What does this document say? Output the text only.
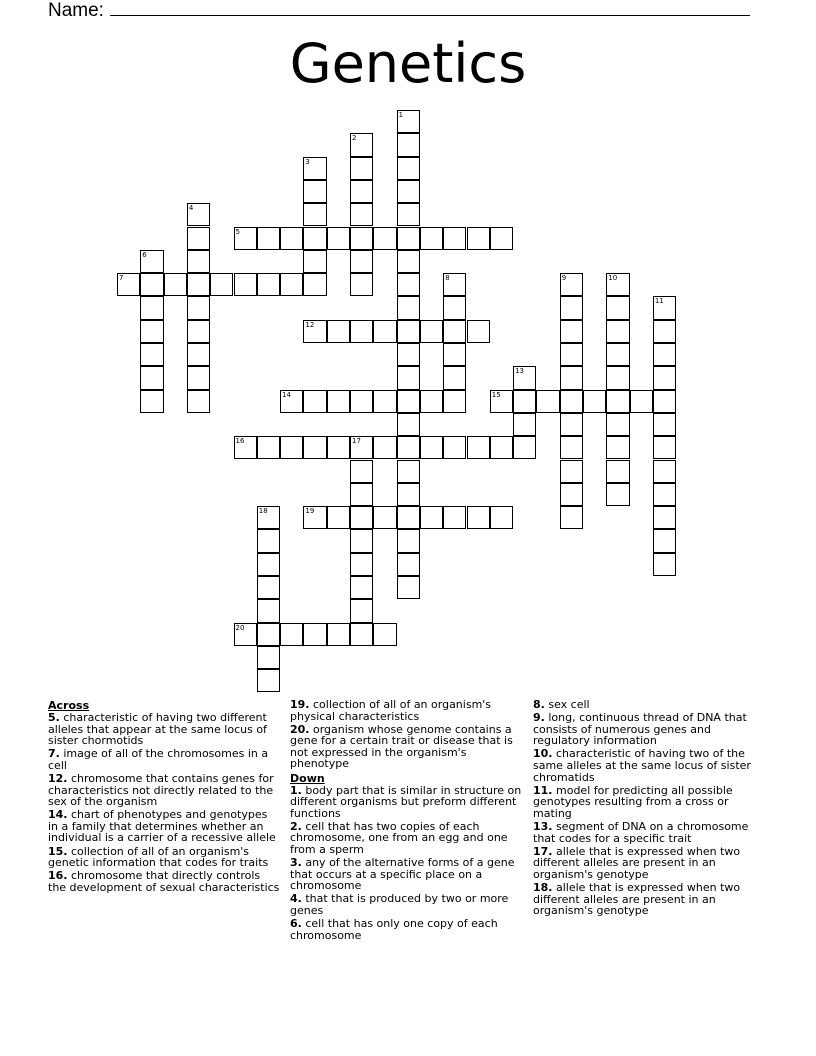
Name:
Genetics
1
2
3
4
5
6
7	8	9	10
11
12
13
14	15
16	17
18	19
20
Across
5. characteristic of having two different alleles that appear at the same locus of sister chormotids
7. image of all of the chromosomes in a cell
12. chromosome that contains genes for characteristics not directly related to the sex of the organism
14. chart of phenotypes and genotypes in a family that determines whether an individual is a carrier of a recessive allele
15. collection of all of an organism's genetic information that codes for traits
16. chromosome that directly controls the development of sexual characteristics
19. collection of all of an organism's physical characteristics
20. organism whose genome contains a gene for a certain trait or disease that is not expressed in the organism's phenotype
Down
1. body part that is similar in structure on different organisms but preform different functions
2. cell that has two copies of each chromosome, one from an egg and one from a sperm
3. any of the alternative forms of a gene that occurs at a specific place on a chromosome
4. that that is produced by two or more genes
6. cell that has only one copy of each chromosome
8. sex cell
9. long, continuous thread of DNA that consists of numerous genes and regulatory information
10. characteristic of having two of the same alleles at the same locus of sister chromatids
11. model for predicting all possible genotypes resulting from a cross or mating
13. segment of DNA on a chromosome that codes for a specific trait
17. allele that is expressed when two different alleles are present in an organism's genotype
18. allele that is expressed when two different alleles are present in an organism's genotype
